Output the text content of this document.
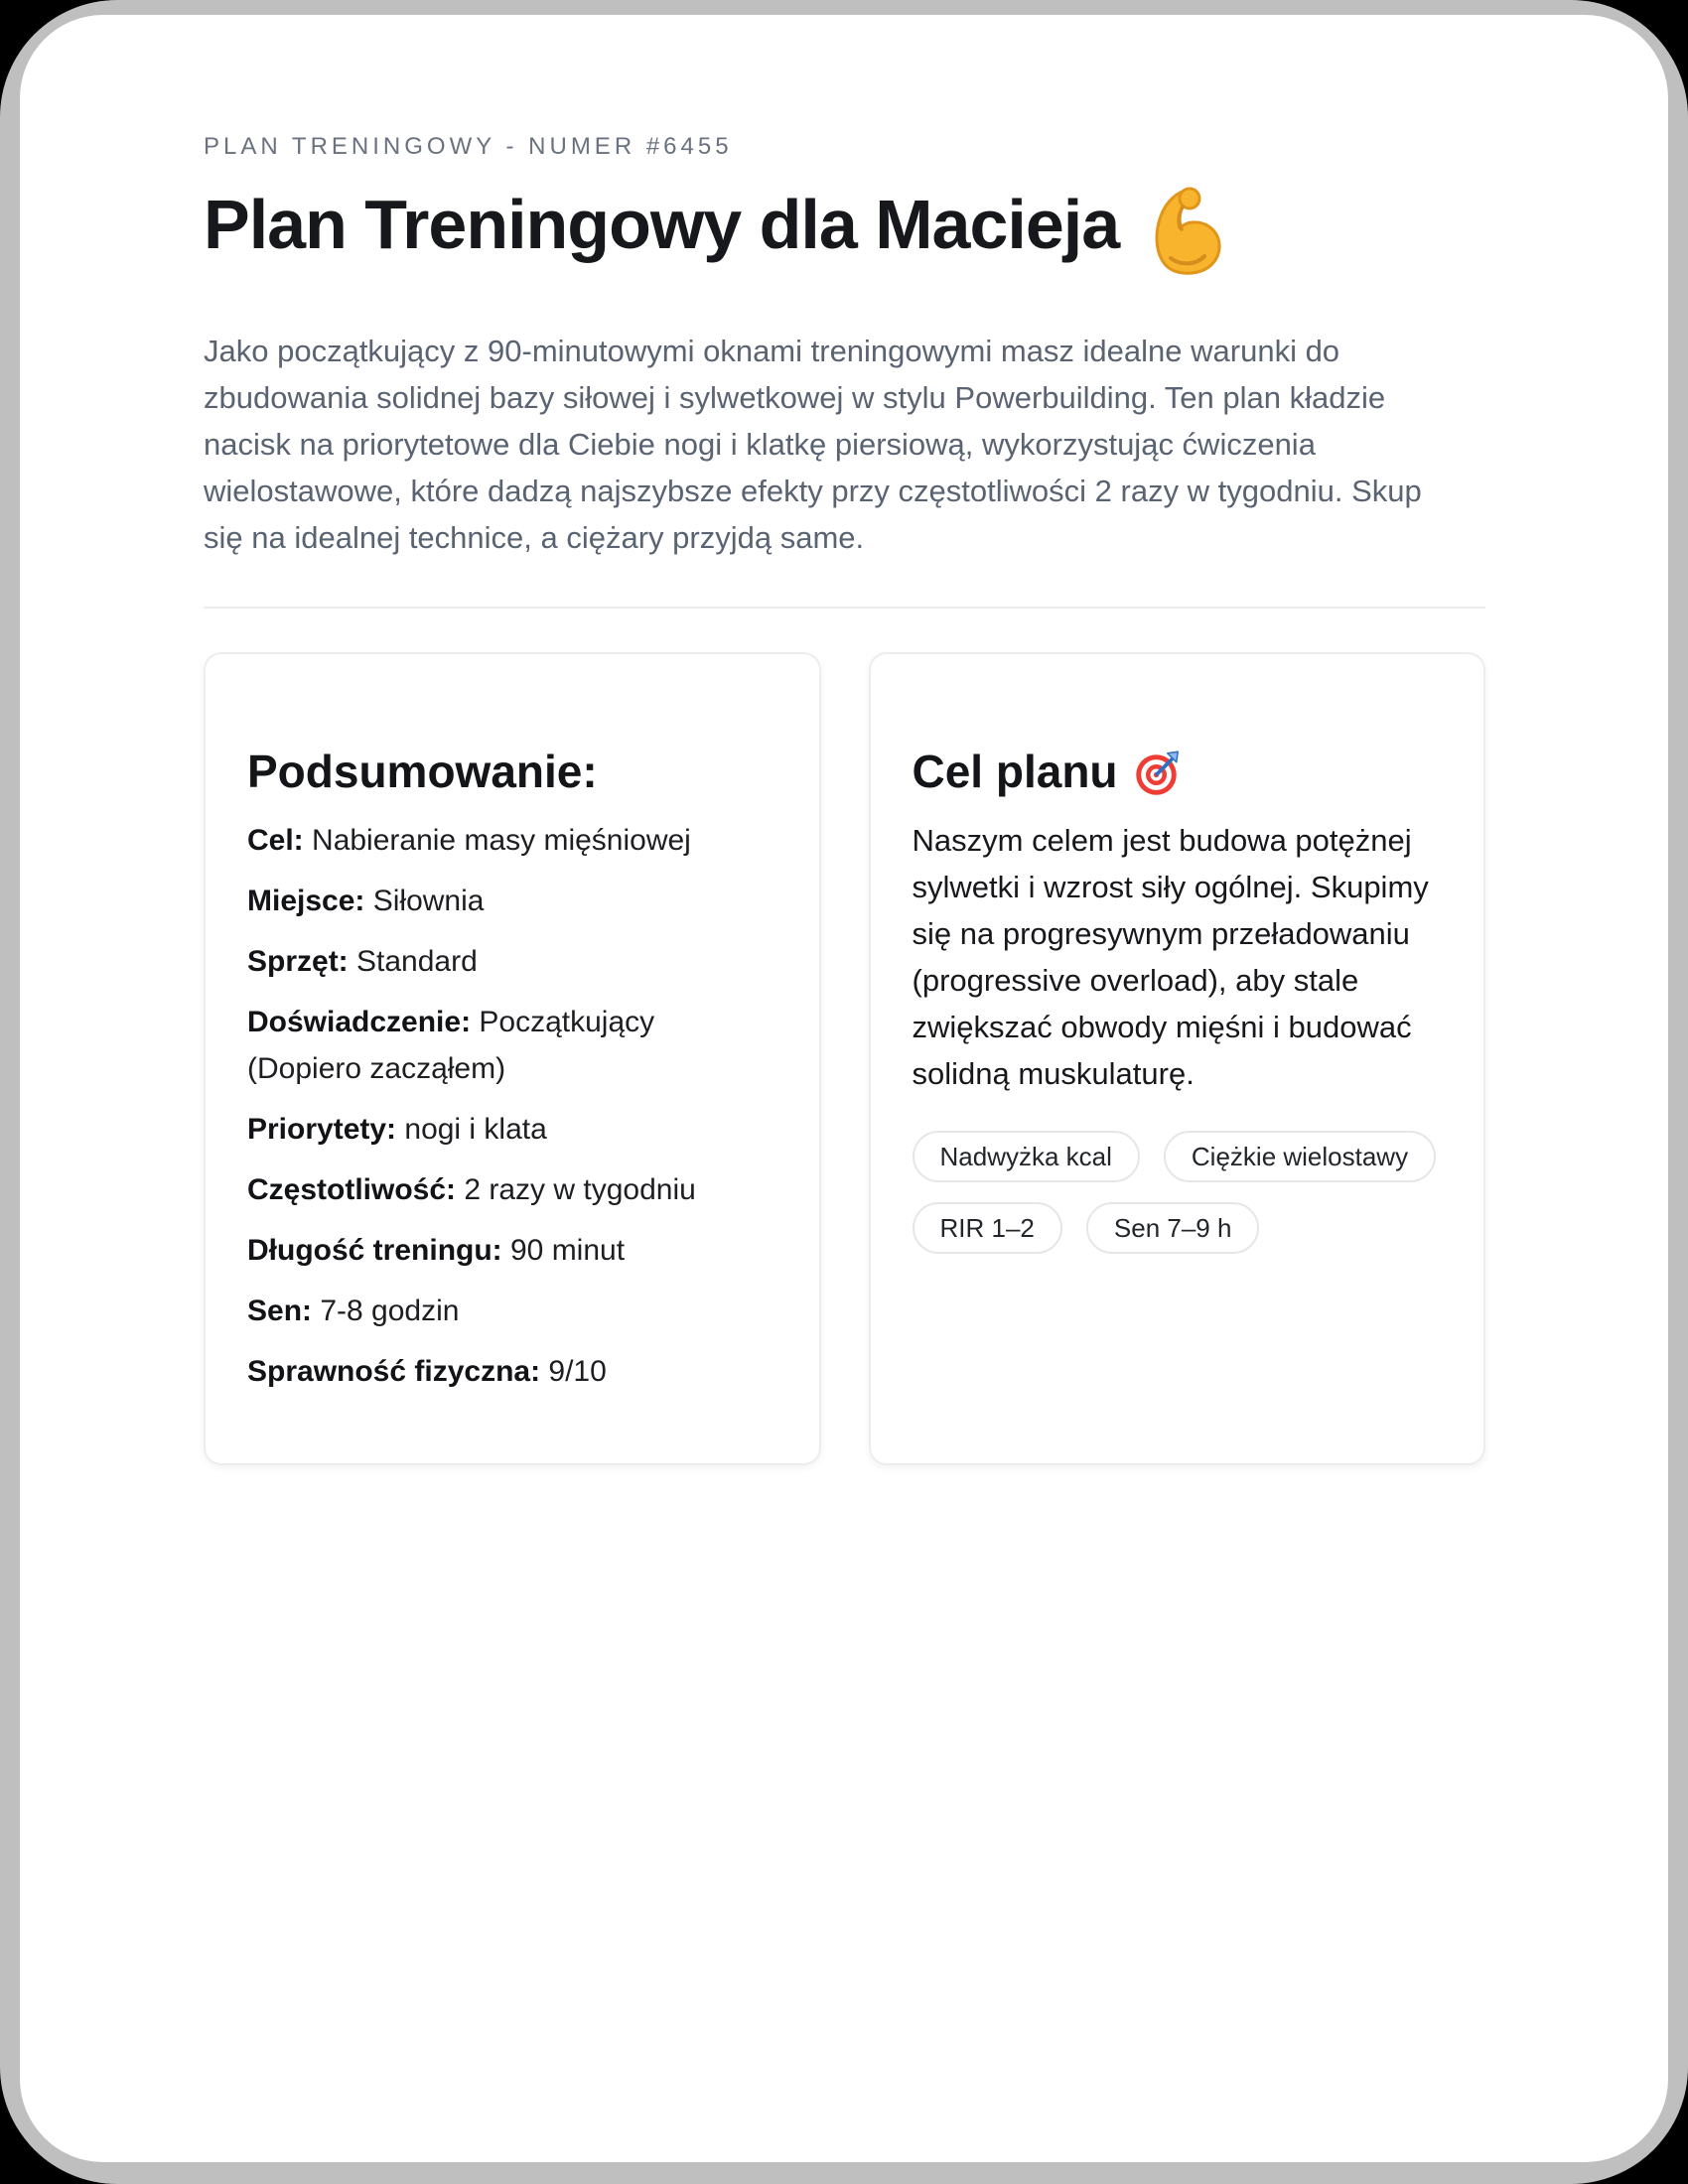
PLAN TRENINGOWY - NUMER #6455
Plan Treningowy dla Macieja

Jako początkujący z 90-minutowymi oknami treningowymi masz idealne warunki do zbudowania solidnej bazy siłowej i sylwetkowej w stylu Powerbuilding. Ten plan kładzie nacisk na priorytetowe dla Ciebie nogi i klatkę piersiową, wykorzystując ćwiczenia wielostawowe, które dadzą najszybsze efekty przy częstotliwości 2 razy w tygodniu. Skup się na idealnej technice, a ciężary przyjdą same.

Podsumowanie:

Cel: Nabieranie masy mięśniowej

Miejsce: Siłownia

Sprzęt: Standard

Doświadczenie: Początkujący (Dopiero zacząłem)

Priorytety: nogi i klata

Częstotliwość: 2 razy w tygodniu

Długość treningu: 90 minut

Sen: 7-8 godzin

Sprawność fizyczna: 9/10

Cel planu

Naszym celem jest budowa potężnej sylwetki i wzrost siły ogólnej. Skupimy się na progresywnym przeładowaniu (progressive overload), aby stale zwiększać obwody mięśni i budować solidną muskulaturę.

Nadwyżka kcal	Ciężkie wielostawy
RIR 1–2	Sen 7–9 h
